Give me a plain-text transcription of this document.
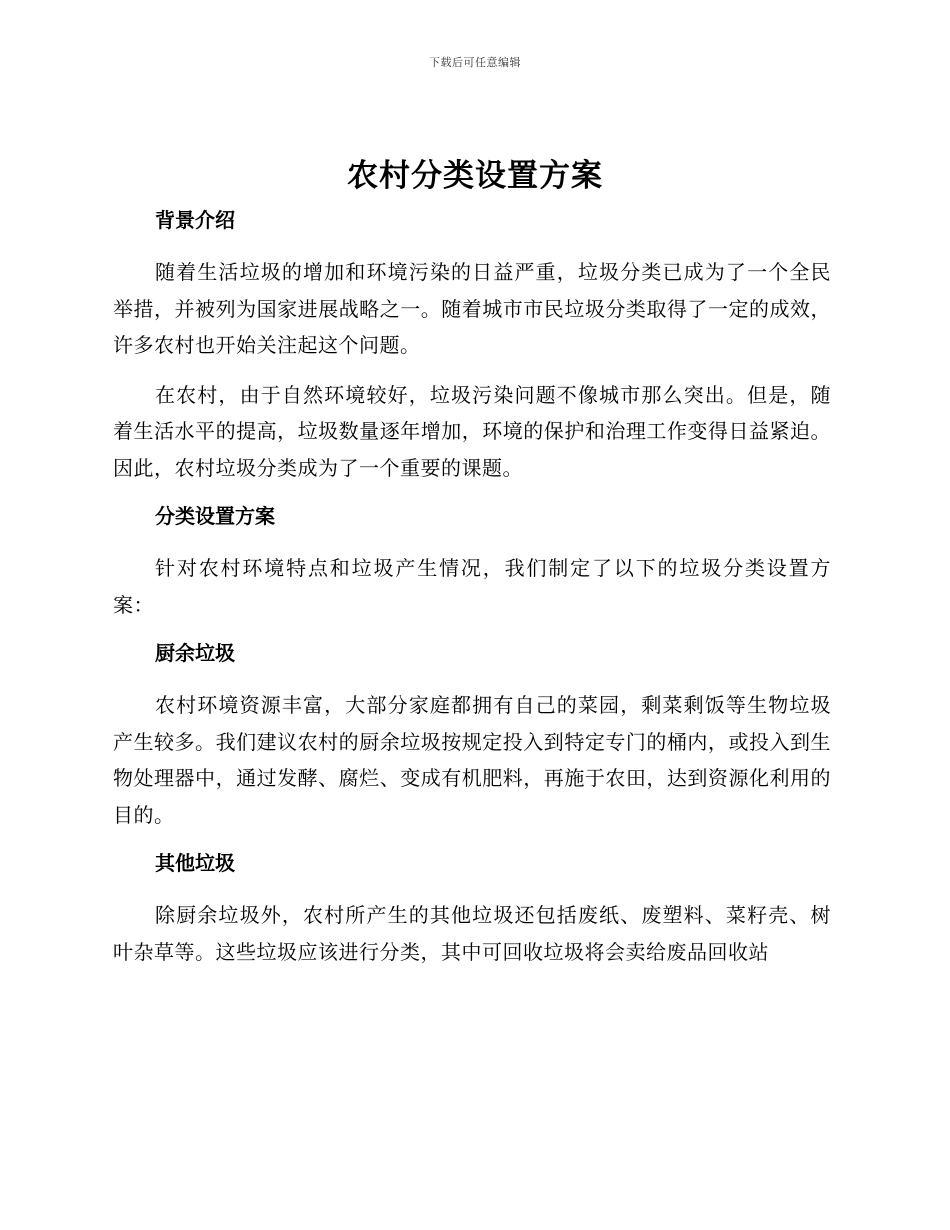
下载后可任意编辑
农村分类设置方案
背景介绍

随着生活垃圾的增加和环境污染的日益严重，垃圾分类已成为了一个全民举措，并被列为国家进展战略之一。随着城市市民垃圾分类取得了一定的成效，许多农村也开始关注起这个问题。

在农村，由于自然环境较好，垃圾污染问题不像城市那么突出。但是，随着生活水平的提高，垃圾数量逐年增加，环境的保护和治理工作变得日益紧迫。因此，农村垃圾分类成为了一个重要的课题。

分类设置方案

针对农村环境特点和垃圾产生情况，我们制定了以下的垃圾分类设置方案：

厨余垃圾

农村环境资源丰富，大部分家庭都拥有自己的菜园，剩菜剩饭等生物垃圾产生较多。我们建议农村的厨余垃圾按规定投入到特定专门的桶内，或投入到生物处理器中，通过发酵、腐烂、变成有机肥料，再施于农田，达到资源化利用的目的。

其他垃圾

除厨余垃圾外，农村所产生的其他垃圾还包括废纸、废塑料、菜籽壳、树叶杂草等。这些垃圾应该进行分类，其中可回收垃圾将会卖给废品回收站
